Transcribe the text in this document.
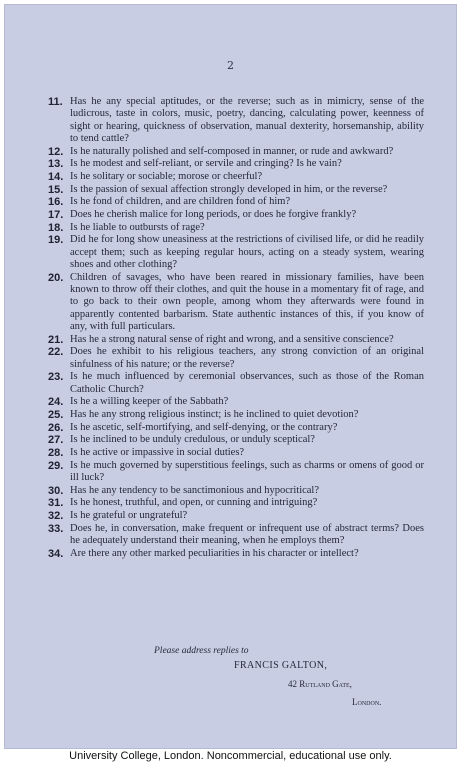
2
11. Has he any special aptitudes, or the reverse; such as in mimicry, sense of the ludicrous, taste in colors, music, poetry, dancing, calculating power, keenness of sight or hearing, quickness of observation, manual dexterity, horsemanship, ability to tend cattle?
12. Is he naturally polished and self-composed in manner, or rude and awkward?
13. Is he modest and self-reliant, or servile and cringing? Is he vain?
14. Is he solitary or sociable; morose or cheerful?
15. Is the passion of sexual affection strongly developed in him, or the reverse?
16. Is he fond of children, and are children fond of him?
17. Does he cherish malice for long periods, or does he forgive frankly?
18. Is he liable to outbursts of rage?
19. Did he for long show uneasiness at the restrictions of civilised life, or did he readily accept them; such as keeping regular hours, acting on a steady system, wearing shoes and other clothing?
20. Children of savages, who have been reared in missionary families, have been known to throw off their clothes, and quit the house in a momentary fit of rage, and to go back to their own people, among whom they afterwards were found in apparently contented barbarism. State authentic instances of this, if you know of any, with full particulars.
21. Has he a strong natural sense of right and wrong, and a sensitive conscience?
22. Does he exhibit to his religious teachers, any strong conviction of an original sinfulness of his nature; or the reverse?
23. Is he much influenced by ceremonial observances, such as those of the Roman Catholic Church?
24. Is he a willing keeper of the Sabbath?
25. Has he any strong religious instinct; is he inclined to quiet devotion?
26. Is he ascetic, self-mortifying, and self-denying, or the contrary?
27. Is he inclined to be unduly credulous, or unduly sceptical?
28. Is he active or impassive in social duties?
29. Is he much governed by superstitious feelings, such as charms or omens of good or ill luck?
30. Has he any tendency to be sanctimonious and hypocritical?
31. Is he honest, truthful, and open, or cunning and intriguing?
32. Is he grateful or ungrateful?
33. Does he, in conversation, make frequent or infrequent use of abstract terms? Does he adequately understand their meaning, when he employs them?
34. Are there any other marked peculiarities in his character or intellect?
Please address replies to
FRANCIS GALTON,
42 Rutland Gate,
London.
University College, London. Noncommercial, educational use only.
